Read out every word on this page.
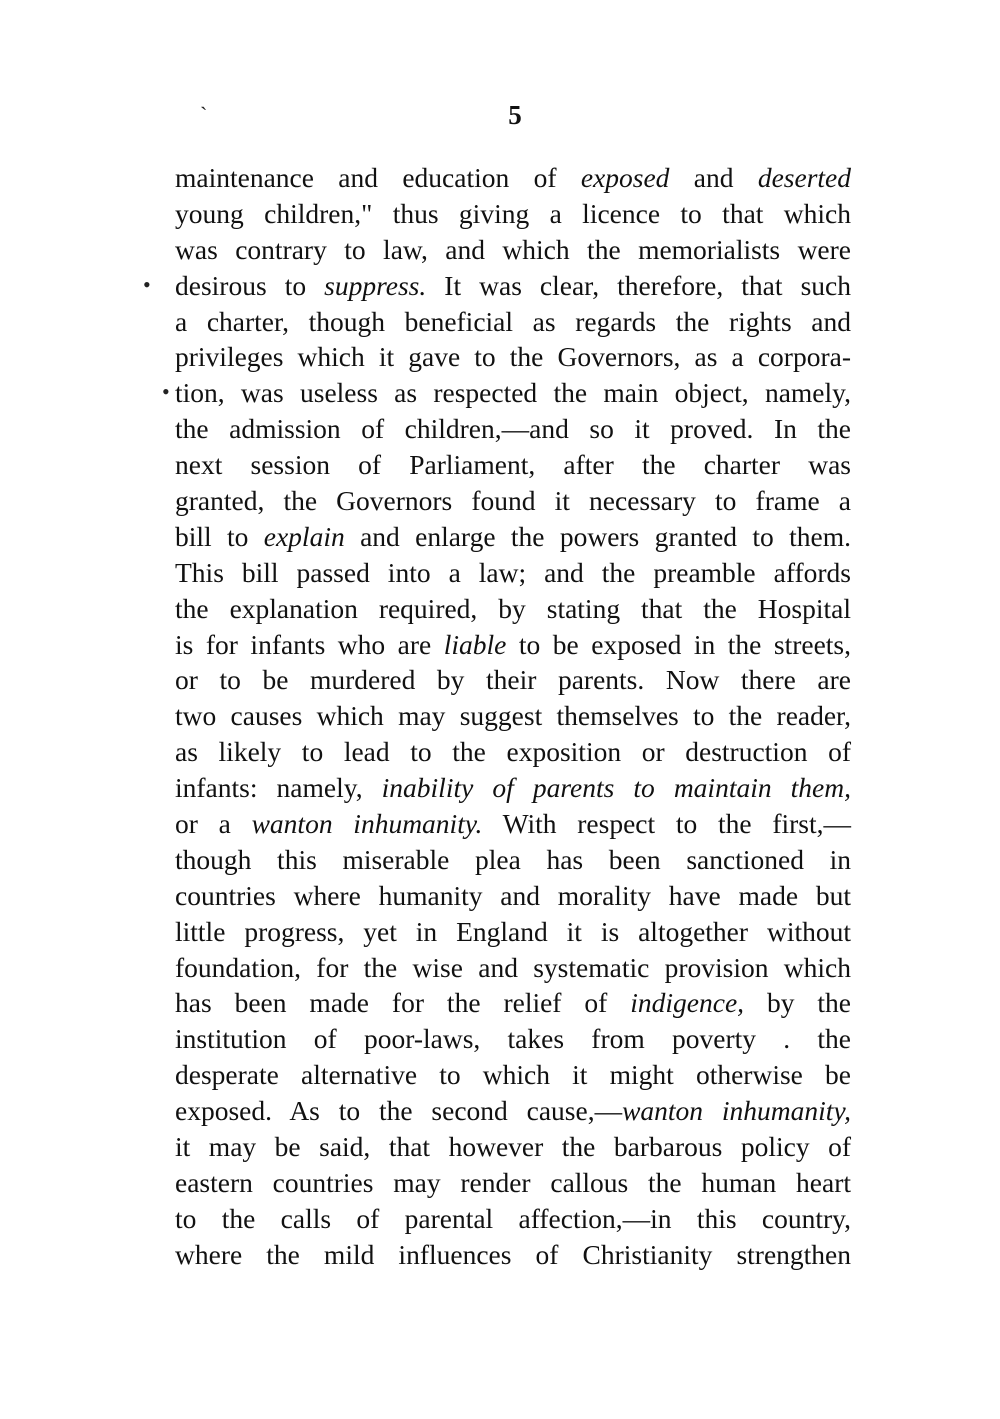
5
`
•
•
maintenance and education of exposed and deserted
young children," thus giving a licence to that which
was contrary to law, and which the memorialists were
desirous to suppress. It was clear, therefore, that such
a charter, though beneficial as regards the rights and
privileges which it gave to the Governors, as a corpora-
tion, was useless as respected the main object, namely,
the admission of children,—and so it proved. In the
next session of Parliament, after the charter was
granted, the Governors found it necessary to frame a
bill to explain and enlarge the powers granted to them.
This bill passed into a law; and the preamble affords
the explanation required, by stating that the Hospital
is for infants who are liable to be exposed in the streets,
or to be murdered by their parents. Now there are
two causes which may suggest themselves to the reader,
as likely to lead to the exposition or destruction of
infants: namely, inability of parents to maintain them,
or a wanton inhumanity. With respect to the first,—
though this miserable plea has been sanctioned in
countries where humanity and morality have made but
little progress, yet in England it is altogether without
foundation, for the wise and systematic provision which
has been made for the relief of indigence, by the
institution of poor-laws, takes from poverty . the
desperate alternative to which it might otherwise be
exposed. As to the second cause,—wanton inhumanity,
it may be said, that however the barbarous policy of
eastern countries may render callous the human heart
to the calls of parental affection,—in this country,
where the mild influences of Christianity strengthen
